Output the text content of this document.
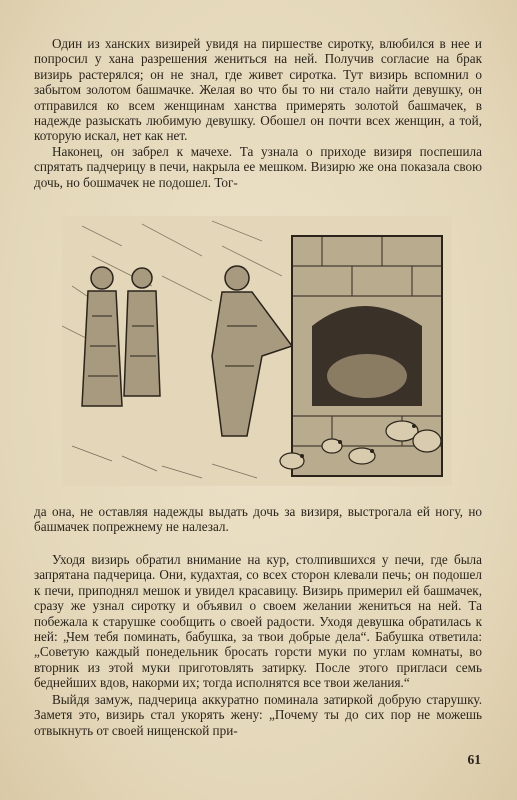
Один из ханских визирей увидя на пиршестве сиротку, влюбился в нее и попросил у хана разрешения жениться на ней. Получив согласие на брак визирь растерялся; он не знал, где живет сиротка. Тут визирь вспомнил о забытом золотом башмачке. Желая во что бы то ни стало найти девушку, он отправился ко всем женщинам ханства примерять золотой башмачек, в надежде разыскать любимую девушку. Обошел он почти всех женщин, а той, которую искал, нет как нет.

Наконец, он забрел к мачехе. Та узнала о приходе визиря поспешила спрятать падчерицу в печи, накрыла ее мешком. Визирю же она показала свою дочь, но бошмачек не подошел. Тог-

да она, не оставляя надежды выдать дочь за визиря, выстрогала ей ногу, но башмачек попрежнему не налезал.

Уходя визирь обратил внимание на кур, столпившихся у печи, где была запрятана падчерица. Они, кудахтая, со всех сторон клевали печь; он подошел к печи, приподнял мешок и увидел красавицу. Визирь примерил ей башмачек, сразу же узнал сиротку и объявил о своем желании жениться на ней. Та побежала к старушке сообщить о своей радости. Уходя девушка обратилась к ней: „Чем тебя поминать, бабушка, за твои добрые дела“. Бабушка ответила: „Советую каждый понедельник бросать горсти муки по углам комнаты, во вторник из этой муки приготовлять затирку. После этого пригласи семь беднейших вдов, накорми их; тогда исполнятся все твои желания.“

Выйдя замуж, падчерица аккуратно поминала затиркой добрую старушку. Заметя это, визирь стал укорять жену: „Почему ты до сих пор не можешь отвыкнуть от своей нищенской при-

61
